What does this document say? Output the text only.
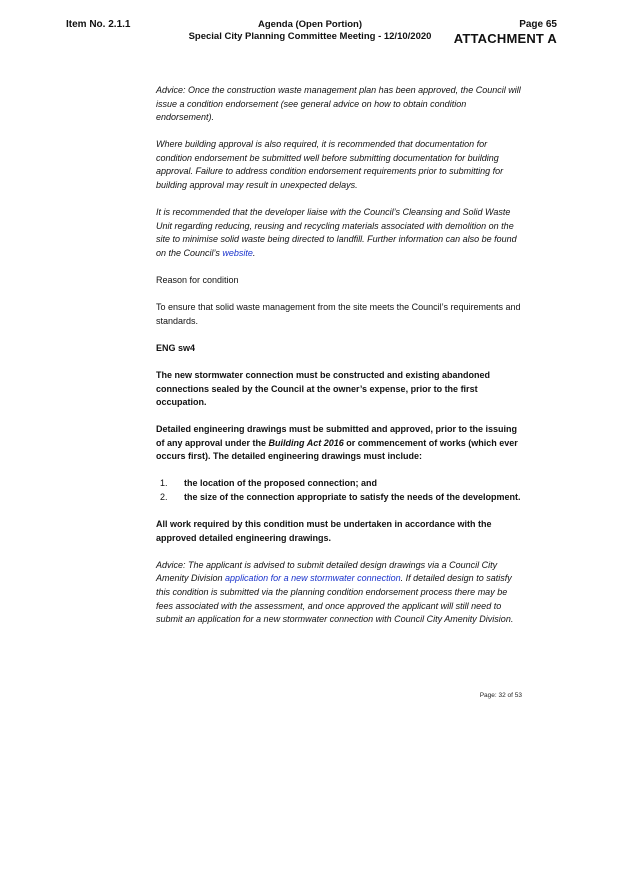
Item No. 2.1.1	Agenda (Open Portion)
Special City Planning Committee Meeting - 12/10/2020
Page 65
ATTACHMENT A

Advice: Once the construction waste management plan has been approved, the Council will issue a condition endorsement (see general advice on how to obtain condition endorsement).

Where building approval is also required, it is recommended that documentation for condition endorsement be submitted well before submitting documentation for building approval. Failure to address condition endorsement requirements prior to submitting for building approval may result in unexpected delays.

It is recommended that the developer liaise with the Council’s Cleansing and Solid Waste Unit regarding reducing, reusing and recycling materials associated with demolition on the site to minimise solid waste being directed to landfill. Further information can also be found on the Council’s website.

Reason for condition

To ensure that solid waste management from the site meets the Council’s requirements and standards.

ENG sw4

The new stormwater connection must be constructed and existing abandoned connections sealed by the Council at the owner’s expense, prior to the first occupation.

Detailed engineering drawings must be submitted and approved, prior to the issuing of any approval under the Building Act 2016 or commencement of works (which ever occurs first). The detailed engineering drawings must include:

1. the location of the proposed connection; and
2. the size of the connection appropriate to satisfy the needs of the development.

All work required by this condition must be undertaken in accordance with the approved detailed engineering drawings.

Advice: The applicant is advised to submit detailed design drawings via a Council City Amenity Division application for a new stormwater connection. If detailed design to satisfy this condition is submitted via the planning condition endorsement process there may be fees associated with the assessment, and once approved the applicant will still need to submit an application for a new stormwater connection with Council City Amenity Division.

Page: 32 of 53
